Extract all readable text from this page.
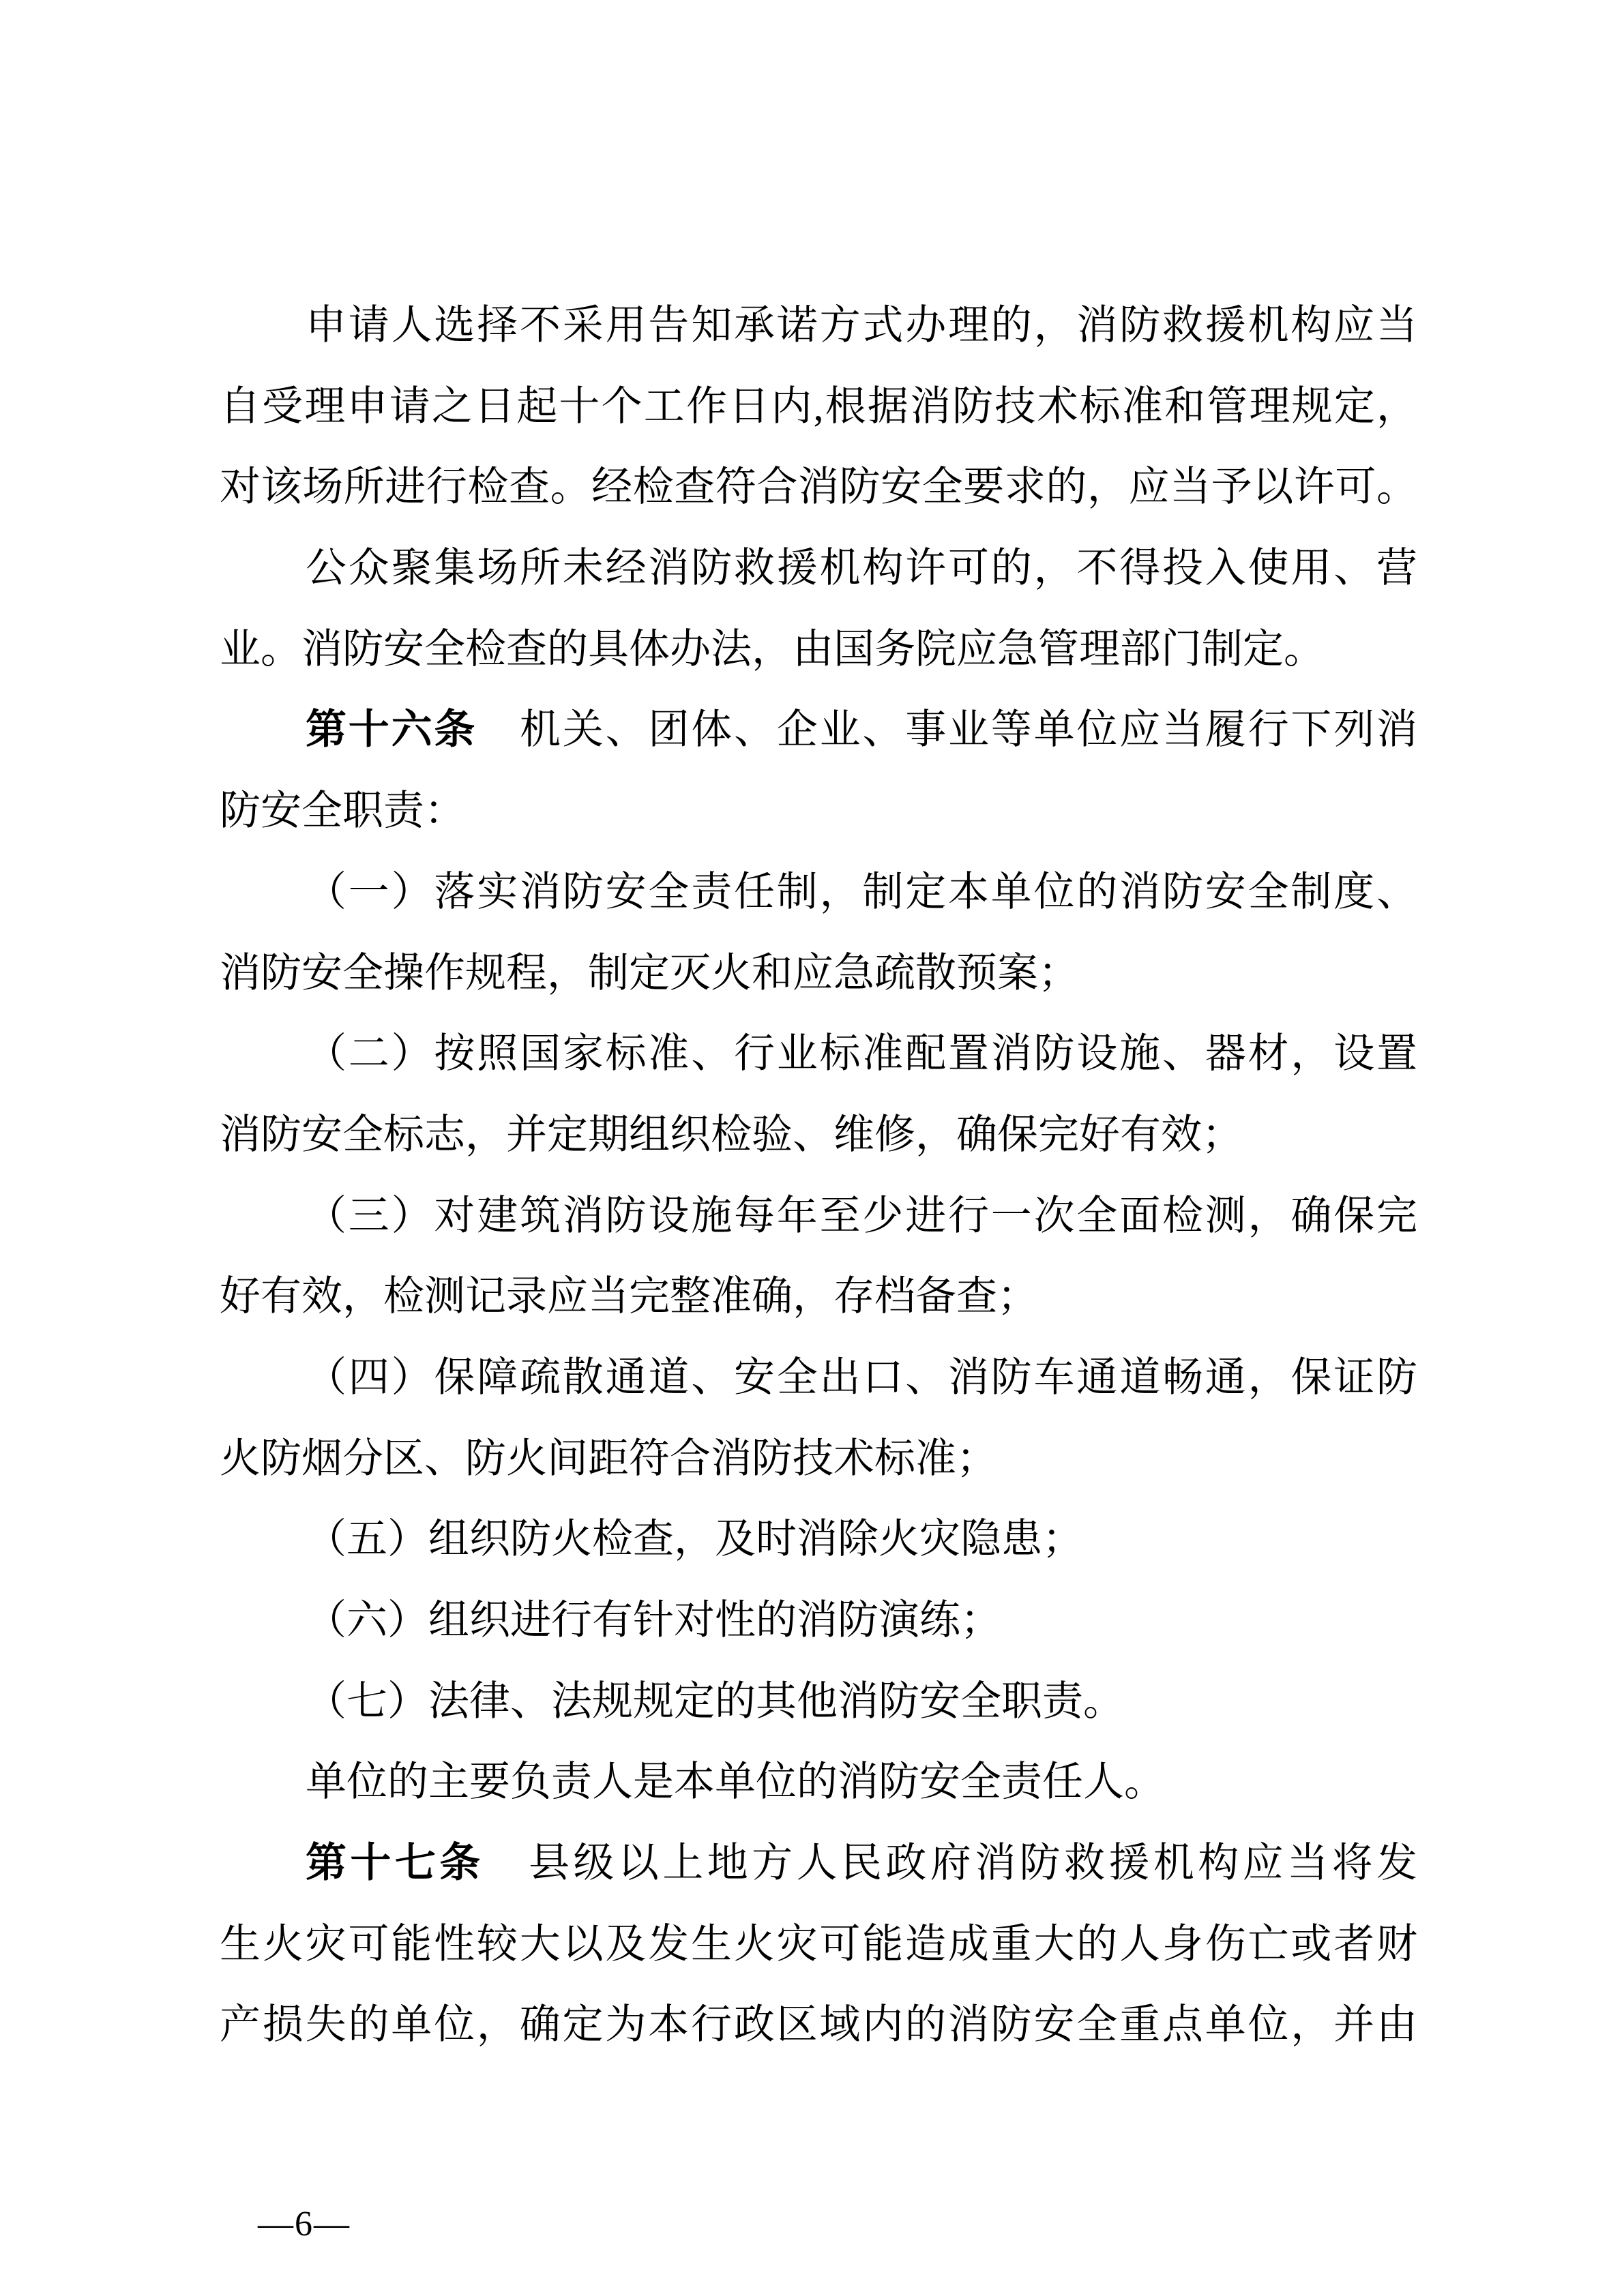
申请人选择不采用告知承诺方式办理的，消防救援机构应当
自受理申请之日起十个工作日内,根据消防技术标准和管理规定，
对该场所进行检查。经检查符合消防安全要求的，应当予以许可。
公众聚集场所未经消防救援机构许可的，不得投入使用、营
业。消防安全检查的具体办法，由国务院应急管理部门制定。
第十六条　机关、团体、企业、事业等单位应当履行下列消
防安全职责：
（一）落实消防安全责任制，制定本单位的消防安全制度、
消防安全操作规程，制定灭火和应急疏散预案；
（二）按照国家标准、行业标准配置消防设施、器材，设置
消防安全标志，并定期组织检验、维修，确保完好有效；
（三）对建筑消防设施每年至少进行一次全面检测，确保完
好有效，检测记录应当完整准确，存档备查；
（四）保障疏散通道、安全出口、消防车通道畅通，保证防
火防烟分区、防火间距符合消防技术标准；
（五）组织防火检查，及时消除火灾隐患；
（六）组织进行有针对性的消防演练；
（七）法律、法规规定的其他消防安全职责。
单位的主要负责人是本单位的消防安全责任人。
第十七条　县级以上地方人民政府消防救援机构应当将发
生火灾可能性较大以及发生火灾可能造成重大的人身伤亡或者财
产损失的单位，确定为本行政区域内的消防安全重点单位，并由
—6—
